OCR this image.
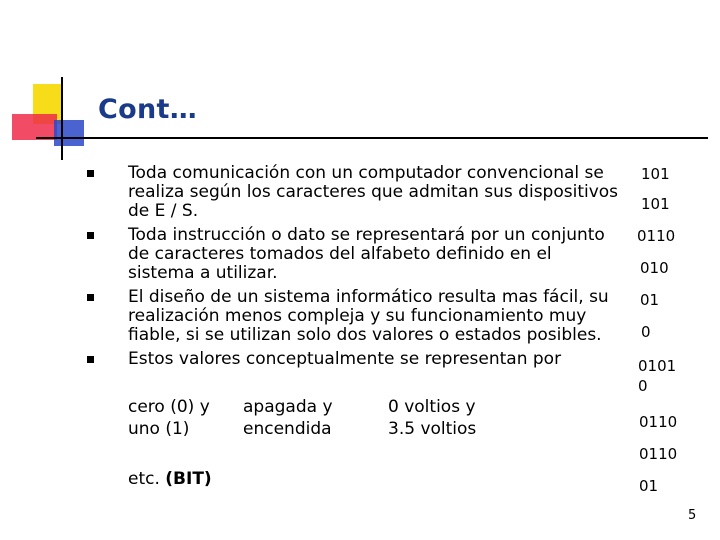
Cont…
Toda comunicación con un computador convencional se
realiza según los caracteres que admitan sus dispositivos
de E / S.
Toda instrucción o dato se representará por un conjunto
de caracteres tomados del alfabeto definido en el
sistema a utilizar.
El diseño de un sistema informático resulta mas fácil, su
realización menos compleja y su funcionamiento muy
fiable, si se utilizan solo dos valores o estados posibles.
Estos valores conceptualmente se representan por
cero (0) y
uno (1)
apagada y
encendida
0 voltios y
3.5 voltios
etc. (BIT)
101
101
0110
010
01
0
0101
0
0110
0110
01
5
